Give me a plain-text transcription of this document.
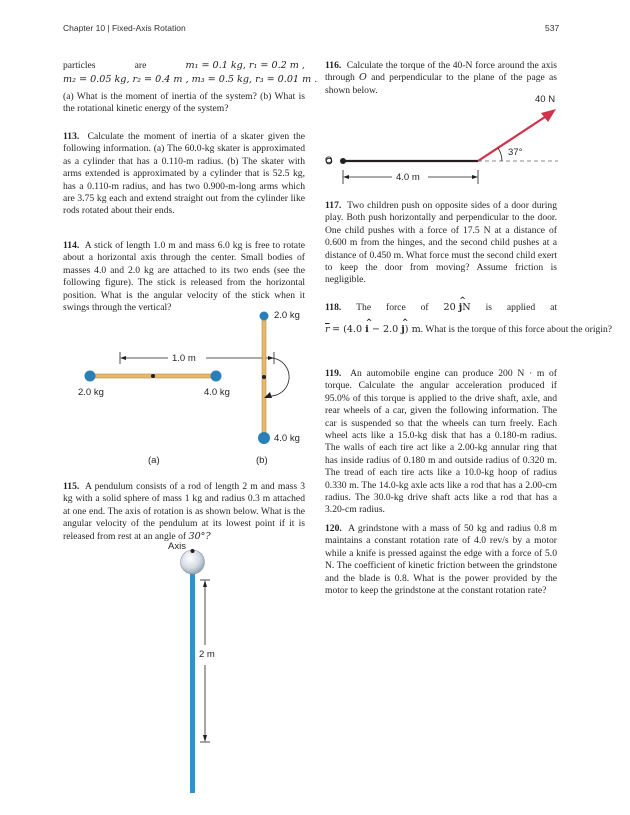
Chapter 10 | Fixed-Axis Rotation	537
particles	are	m₁ = 0.1 kg, r₁ = 0.2 m ,
m₂ = 0.05 kg, r₂ = 0.4 m , m₃ = 0.5 kg, r₃ = 0.01 m .

(a) What is the moment of inertia of the system? (b) What is the rotational kinetic energy of the system?

113. Calculate the moment of inertia of a skater given the following information. (a) The 60.0-kg skater is approximated as a cylinder that has a 0.110-m radius. (b) The skater with arms extended is approximated by a cylinder that is 52.5 kg, has a 0.110-m radius, and has two 0.900-m-long arms which are 3.75 kg each and extend straight out from the cylinder like rods rotated about their ends.

114. A stick of length 1.0 m and mass 6.0 kg is free to rotate about a horizontal axis through the center. Small bodies of masses 4.0 and 2.0 kg are attached to its two ends (see the following figure). The stick is released from the horizontal position. What is the angular velocity of the stick when it swings through the vertical?

1.0 m
2.0 kg	4.0 kg
2.0 kg
4.0 kg
(a)	(b)

115. A pendulum consists of a rod of length 2 m and mass 3 kg with a solid sphere of mass 1 kg and radius 0.3 m attached at one end. The axis of rotation is as shown below. What is the angular velocity of the pendulum at its lowest point if it is released from rest at an angle of 30°?

Axis
2 m

116. Calculate the torque of the 40-N force around the axis through O and perpendicular to the plane of the page as shown below.

40 N
37°
O
4.0 m

117. Two children push on opposite sides of a door during play. Both push horizontally and perpendicular to the door. One child pushes with a force of 17.5 N at a distance of 0.600 m from the hinges, and the second child pushes at a distance of 0.450 m. What force must the second child exert to keep the door from moving? Assume friction is negligible.

118. The force of 20 ^ jN is applied at
$\overline{r} = (4.0$ ^ i − 2.0 ^ j) m. What is the torque of this force about the origin?

119. An automobile engine can produce 200 N · m of torque. Calculate the angular acceleration produced if 95.0% of this torque is applied to the drive shaft, axle, and rear wheels of a car, given the following information. The car is suspended so that the wheels can turn freely. Each wheel acts like a 15.0-kg disk that has a 0.180-m radius. The walls of each tire act like a 2.00-kg annular ring that has inside radius of 0.180 m and outside radius of 0.320 m. The tread of each tire acts like a 10.0-kg hoop of radius 0.330 m. The 14.0-kg axle acts like a rod that has a 2.00-cm radius. The 30.0-kg drive shaft acts like a rod that has a 3.20-cm radius.

120. A grindstone with a mass of 50 kg and radius 0.8 m maintains a constant rotation rate of 4.0 rev/s by a motor while a knife is pressed against the edge with a force of 5.0 N. The coefficient of kinetic friction between the grindstone and the blade is 0.8. What is the power provided by the motor to keep the grindstone at the constant rotation rate?
